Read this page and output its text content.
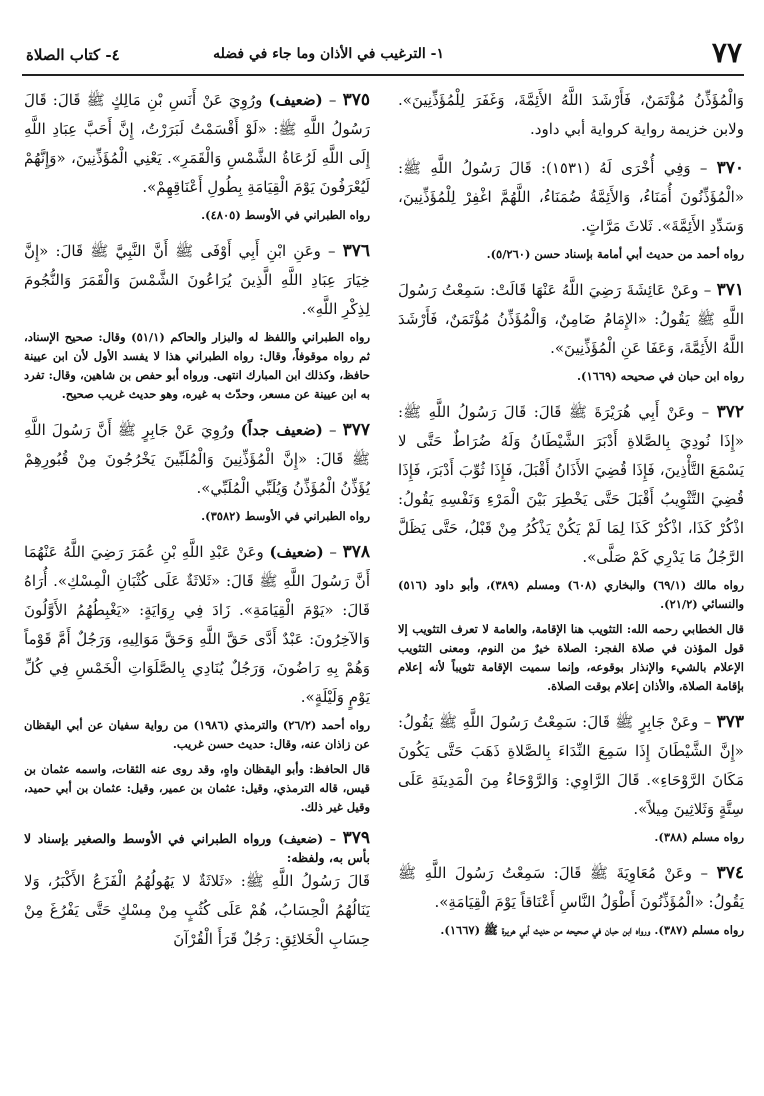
٧٧
١- الترغيب في الأذان وما جاء في فضله
٤- كتاب الصلاة

وَالْمُؤَذِّنُ مُؤْتَمَنٌ، فَأَرْشَدَ اللَّهُ الأَئِمَّةَ، وَغَفَرَ لِلْمُؤَذِّنِينَ». ولابن خزيمة رواية كرواية أبي داود.

٣٧٠ – وَفِي أُخْرَى لَهُ (١٥٣١): قَالَ رَسُولُ اللَّهِ ﷺ: «الْمُؤَذِّنُونَ أُمَنَاءُ، وَالأَئِمَّةُ ضُمَنَاءُ، اللَّهُمَّ اغْفِرْ لِلْمُؤَذِّنِينَ، وَسَدِّدِ الأَئِمَّةَ». ثَلاثَ مَرَّاتٍ.

رواه أحمد من حديث أبي أمامة بإسناد حسن (٥/٢٦٠).

٣٧١ – وعَنْ عَائِشَةَ رَضِيَ اللَّهُ عَنْهَا قَالَتْ: سَمِعْتُ رَسُولَ اللَّهِ ﷺ يَقُولُ: «الإِمَامُ ضَامِنٌ، وَالْمُؤَذِّنُ مُؤْتَمَنٌ، فَأَرْشَدَ اللَّهُ الأَئِمَّةَ، وَعَفَا عَنِ الْمُؤَذِّنِينَ».

رواه ابن حبان في صحيحه (١٦٦٩).

٣٧٢ – وعَنْ أَبِي هُرَيْرَةَ ﷺ قَالَ: قَالَ رَسُولُ اللَّهِ ﷺ: «إِذَا نُودِيَ بِالصَّلاةِ أَدْبَرَ الشَّيْطَانُ وَلَهُ ضُرَاطٌ حَتَّى لا يَسْمَعَ التَّأْذِينَ، فَإِذَا قُضِيَ الأَذَانُ أَقْبَلَ، فَإِذَا ثُوِّبَ أَدْبَرَ، فَإِذَا قُضِيَ التَّثْوِيبُ أَقْبَلَ حَتَّى يَخْطِرَ بَيْنَ الْمَرْءِ وَنَفْسِهِ يَقُولُ: اذْكُرْ كَذَا، اذْكُرْ كَذَا لِمَا لَمْ يَكُنْ يَذْكُرُ مِنْ قَبْلُ، حَتَّى يَظَلَّ الرَّجُلُ مَا يَدْرِي كَمْ صَلَّى».

رواه مالك (٦٩/١) والبخاري (٦٠٨) ومسلم (٣٨٩)، وأبو داود (٥١٦) والنسائي (٢١/٢).

قال الخطابي رحمه الله: التثويب هنا الإقامة، والعامة لا تعرف التثويب إلا قول المؤذن في صلاة الفجر: الصلاة خيرٌ من النوم، ومعنى التثويب الإعلام بالشيء والإنذار بوقوعه، وإنما سميت الإقامة تثويباً لأنه إعلام بإقامة الصلاة، والأذان إعلام بوقت الصلاة.

٣٧٣ – وعَنْ جَابِرٍ ﷺ قَالَ: سَمِعْتُ رَسُولَ اللَّهِ ﷺ يَقُولُ: «إِنَّ الشَّيْطَانَ إِذَا سَمِعَ النِّدَاءَ بِالصَّلاةِ ذَهَبَ حَتَّى يَكُونَ مَكَانَ الرَّوْحَاءِ». قَالَ الرَّاوِي: وَالرَّوْحَاءُ مِنَ الْمَدِينَةِ عَلَى سِتَّةٍ وَثَلاثِينَ مِيلاً».

رواه مسلم (٣٨٨).

٣٧٤ – وعَنْ مُعَاوِيَةَ ﷺ قَالَ: سَمِعْتُ رَسُولَ اللَّهِ ﷺ يَقُولُ: «الْمُؤَذِّنُونَ أَطْوَلُ النَّاسِ أَعْنَاقاً يَوْمَ الْقِيَامَةِ».

رواه مسلم (٣٨٧). ورواه ابن حبان في صحيحه من حديث أبي هريرة ﷺ (١٦٦٧).

٣٧٥ – (ضعيف) ورُوِيَ عَنْ أَنَسِ بْنِ مَالِكٍ ﷺ قَالَ: قَالَ رَسُولُ اللَّهِ ﷺ: «لَوْ أَقْسَمْتُ لَبَرَرْتُ، إِنَّ أَحَبَّ عِبَادِ اللَّهِ إِلَى اللَّهِ لَرُعَاةُ الشَّمْسِ وَالْقَمَرِ». يَعْنِي الْمُؤَذِّنِينَ، «وَإِنَّهُمْ لَيُعْرَفُونَ يَوْمَ الْقِيَامَةِ بِطُولِ أَعْنَاقِهِمْ».

رواه الطبراني في الأوسط (٤٨٠٥).

٣٧٦ – وعَنِ ابْنِ أَبِي أَوْفَى ﷺ أَنَّ النَّبِيَّ ﷺ قَالَ: «إِنَّ خِيَارَ عِبَادِ اللَّهِ الَّذِينَ يُرَاعُونَ الشَّمْسَ وَالْقَمَرَ وَالنُّجُومَ لِذِكْرِ اللَّهِ».

رواه الطبراني واللفظ له والبزار والحاكم (٥١/١) وقال: صحيح الإسناد، ثم رواه موقوفاً، وقال: رواه الطبراني هذا لا يفسد الأول لأن ابن عيينة حافظ، وكذلك ابن المبارك انتهى. ورواه أبو حفص بن شاهين، وقال: تفرد به ابن عيينة عن مسعر، وحدّث به غيره، وهو حديث غريب صحيح.

٣٧٧ – (ضعيف جداً) ورُوِيَ عَنْ جَابِرٍ ﷺ أَنَّ رَسُولَ اللَّهِ ﷺ قَالَ: «إِنَّ الْمُؤَذِّنِينَ وَالْمُلَبِّينَ يَخْرُجُونَ مِنْ قُبُورِهِمْ يُؤَذِّنُ الْمُؤَذِّنُ وَيُلَبِّي الْمُلَبِّي».

رواه الطبراني في الأوسط (٣٥٨٢).

٣٧٨ – (ضعيف) وعَنْ عَبْدِ اللَّهِ بْنِ عُمَرَ رَضِيَ اللَّهُ عَنْهُمَا أَنَّ رَسُولَ اللَّهِ ﷺ قَالَ: «ثَلاثَةٌ عَلَى كُثْبَانِ الْمِسْكِ». أُرَاهُ قَالَ: «يَوْمَ الْقِيَامَةِ». زَادَ فِي رِوَايَةٍ: «يَغْبِطُهُمُ الأَوَّلُونَ وَالآخِرُونَ: عَبْدٌ أَدَّى حَقَّ اللَّهِ وَحَقَّ مَوَالِيهِ، وَرَجُلٌ أَمَّ قَوْماً وَهُمْ بِهِ رَاضُونَ، وَرَجُلٌ يُنَادِي بِالصَّلَوَاتِ الْخَمْسِ فِي كُلِّ يَوْمٍ وَلَيْلَةٍ».

رواه أحمد (٢٦/٢) والترمذي (١٩٨٦) من رواية سفيان عن أبي اليقظان عن زاذان عنه، وقال: حديث حسن غريب.

قال الحافظ: وأبو اليقظان واهٍ، وقد روى عنه الثقات، واسمه عثمان بن قيس، قاله الترمذي، وقيل: عثمان بن عمير، وقيل: عثمان بن أبي حميد، وقيل غير ذلك.

٣٧٩ – (ضعيف) ورواه الطبراني في الأوسط والصغير بإسناد لا بأس به، ولفظه:

قَالَ رَسُولُ اللَّهِ ﷺ: «ثَلاثَةٌ لا يَهُولُهُمُ الْفَزَعُ الأَكْبَرُ، وَلا يَنَالُهُمُ الْحِسَابُ، هُمْ عَلَى كُثُبٍ مِنْ مِسْكٍ حَتَّى يَفْرُغَ مِنْ حِسَابِ الْخَلائِقِ: رَجُلٌ قَرَأَ الْقُرْآنَ
